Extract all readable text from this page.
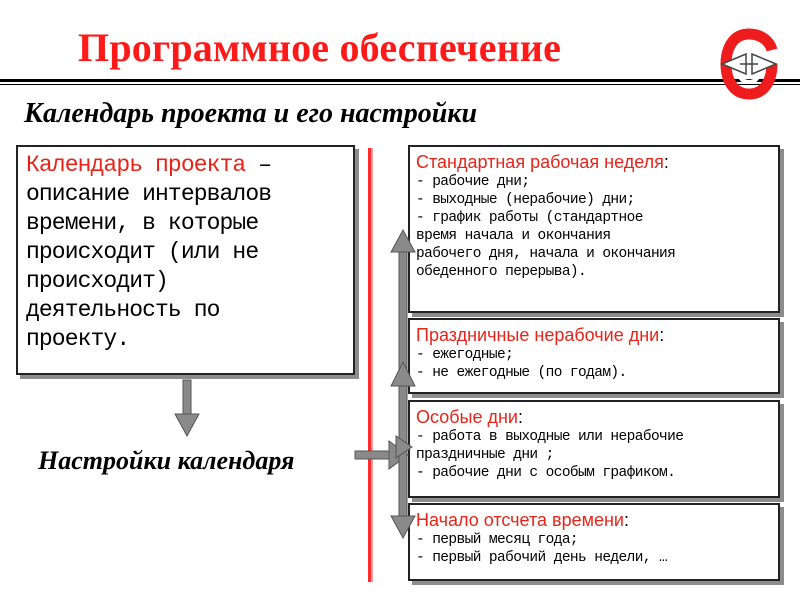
Программное обеспечение
Календарь проекта и его настройки
Календарь проекта –
описание интервалов
времени, в которые
происходит (или не
происходит)
деятельность по
проекту.
Настройки календаря
Стандартная рабочая неделя:
- рабочие дни;
- выходные (нерабочие) дни;
- график работы (стандартное
время начала и окончания
рабочего дня, начала и окончания
обеденного перерыва).
Праздничные нерабочие дни:
- ежегодные;
- не ежегодные (по годам).
Особые дни:
- работа в выходные или нерабочие
праздничные дни ;
- рабочие дни с особым графиком.
Начало отсчета времени:
- первый месяц года;
- первый рабочий день недели, …
